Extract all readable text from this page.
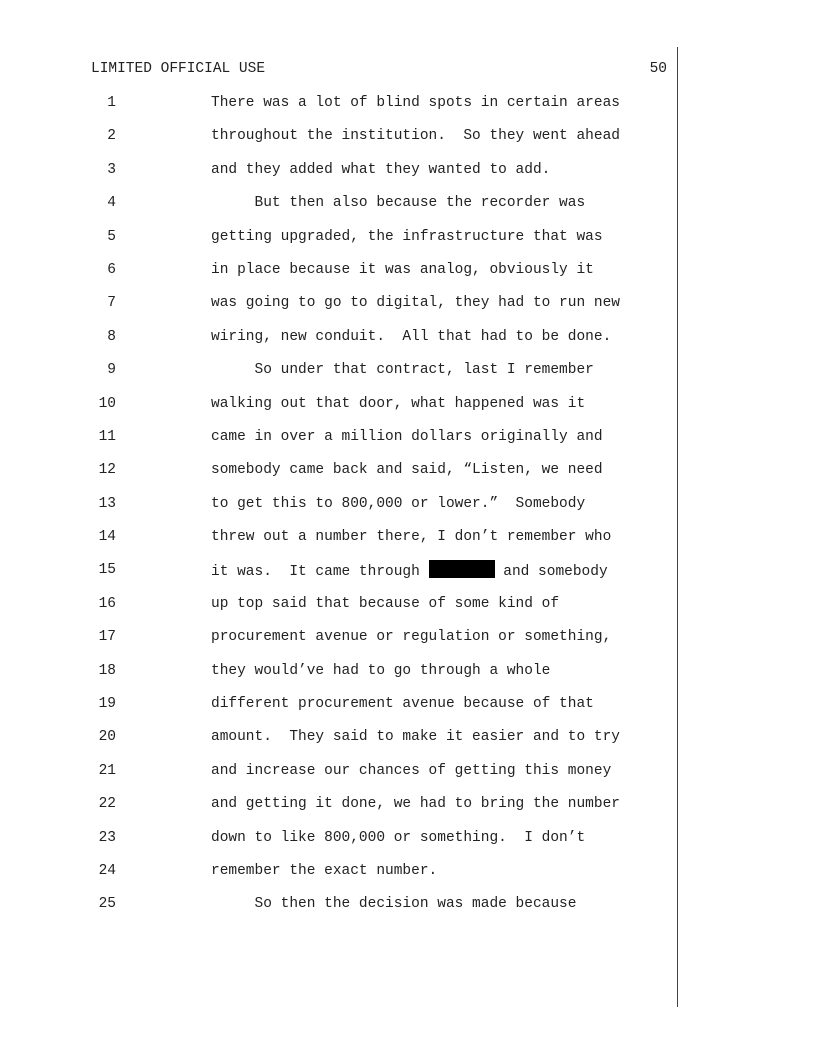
LIMITED OFFICIAL USE	50
1	There was a lot of blind spots in certain areas
2	throughout the institution.  So they went ahead
3	and they added what they wanted to add.
4	But then also because the recorder was
5	getting upgraded, the infrastructure that was
6	in place because it was analog, obviously it
7	was going to go to digital, they had to run new
8	wiring, new conduit.  All that had to be done.
9	So under that contract, last I remember
10	walking out that door, what happened was it
11	came in over a million dollars originally and
12	somebody came back and said, “Listen, we need
13	to get this to 800,000 or lower.”  Somebody
14	threw out a number there, I don’t remember who
15	it was.  It came through	and somebody
16	up top said that because of some kind of
17	procurement avenue or regulation or something,
18	they would’ve had to go through a whole
19	different procurement avenue because of that
20	amount.  They said to make it easier and to try
21	and increase our chances of getting this money
22	and getting it done, we had to bring the number
23	down to like 800,000 or something.  I don’t
24	remember the exact number.
25	So then the decision was made because
